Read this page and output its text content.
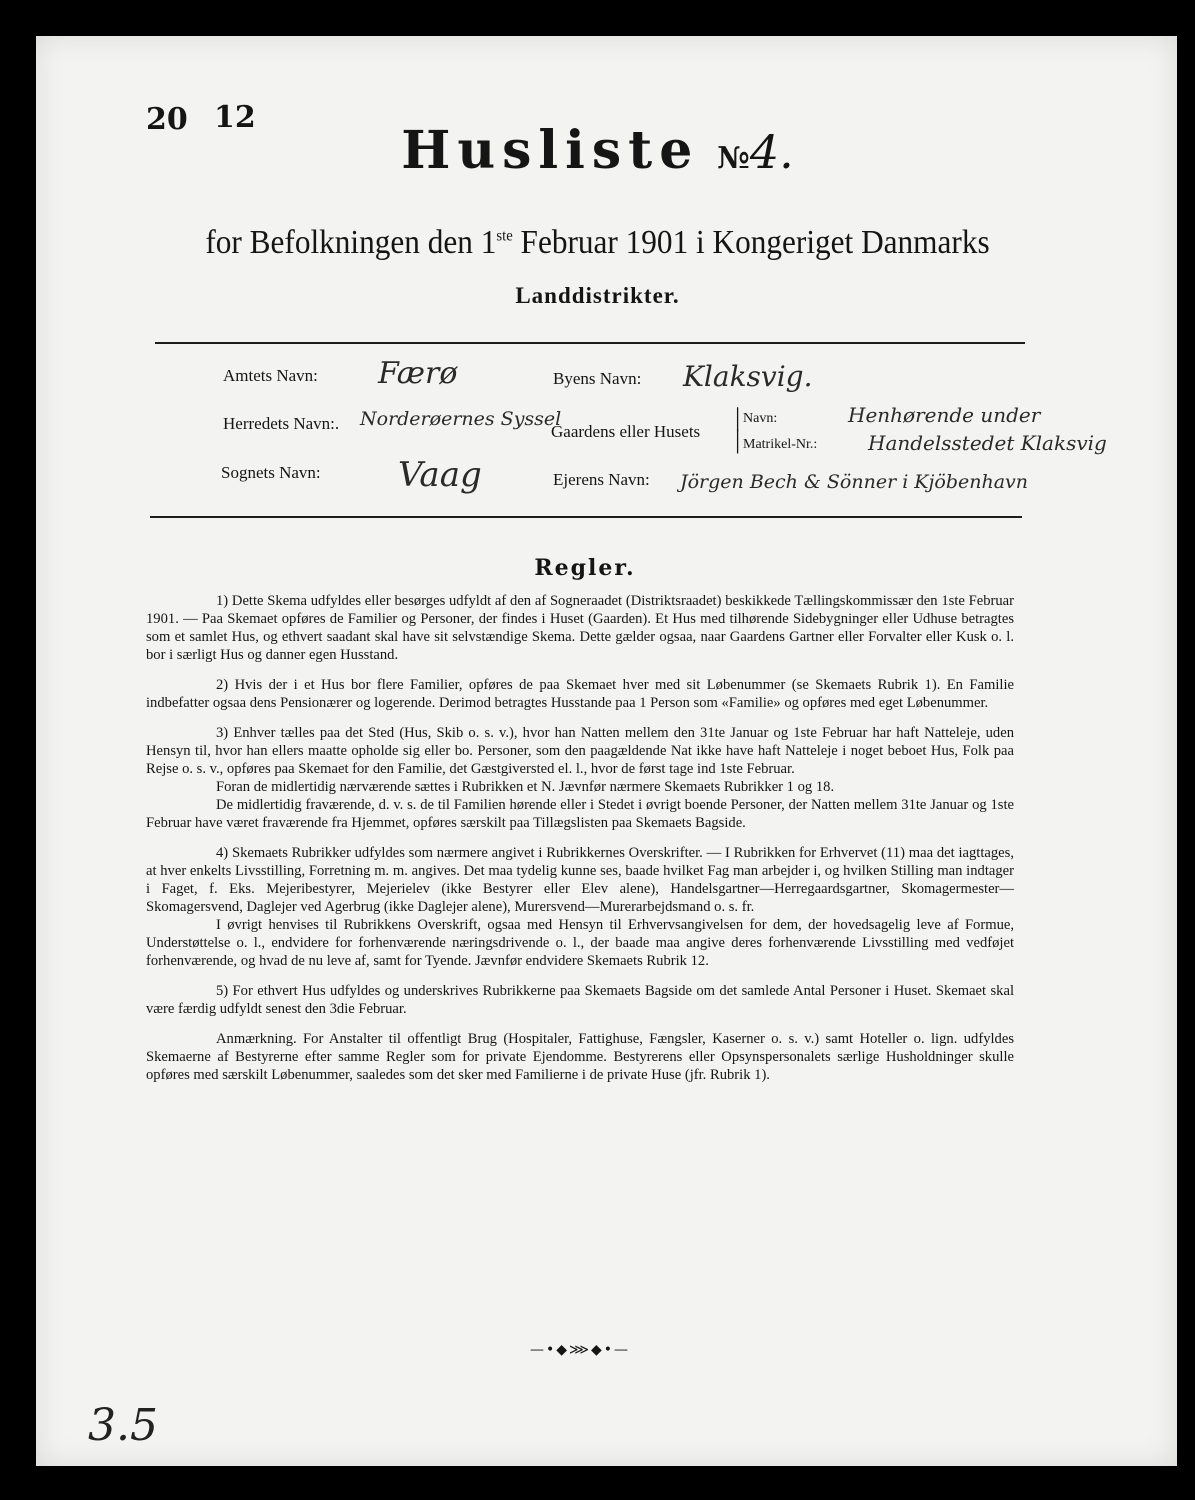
20 12
Husliste №4.
for Befolkningen den 1ste Februar 1901 i Kongeriget Danmarks
Landdistrikter.
Amtets Navn: Færø	Byens Navn: Klaksvig.
Herredets Navn:. Norderøernes Syssel
Gaardens eller Husets |
|
Navn:	Henhørende under
Matrikel-Nr.:	Handelsstedet Klaksvig
Sognets Navn: Vaag	Ejerens Navn: Jörgen Bech & Sönner i Kjöbenhavn
Regler.

1) Dette Skema udfyldes eller besørges udfyldt af den af Sogneraadet (Distriktsraadet) beskikkede Tællingskommissær den 1ste Februar 1901. — Paa Skemaet opføres de Familier og Personer, der findes i Huset (Gaarden). Et Hus med tilhørende Sidebygninger eller Udhuse betragtes som et samlet Hus, og ethvert saadant skal have sit selvstændige Skema. Dette gælder ogsaa, naar Gaardens Gartner eller Forvalter eller Kusk o. l. bor i særligt Hus og danner egen Husstand.

2) Hvis der i et Hus bor flere Familier, opføres de paa Skemaet hver med sit Løbenummer (se Skemaets Rubrik 1). En Familie indbefatter ogsaa dens Pensionærer og logerende. Derimod betragtes Husstande paa 1 Person som «Familie» og opføres med eget Løbenummer.

3) Enhver tælles paa det Sted (Hus, Skib o. s. v.), hvor han Natten mellem den 31te Januar og 1ste Februar har haft Natteleje, uden Hensyn til, hvor han ellers maatte opholde sig eller bo. Personer, som den paagældende Nat ikke have haft Natteleje i noget beboet Hus, Folk paa Rejse o. s. v., opføres paa Skemaet for den Familie, det Gæstgiversted el. l., hvor de først tage ind 1ste Februar.

Foran de midlertidig nærværende sættes i Rubrikken et N. Jævnfør nærmere Skemaets Rubrikker 1 og 18.

De midlertidig fraværende, d. v. s. de til Familien hørende eller i Stedet i øvrigt boende Personer, der Natten mellem 31te Januar og 1ste Februar have været fraværende fra Hjemmet, opføres særskilt paa Tillægslisten paa Skemaets Bagside.

4) Skemaets Rubrikker udfyldes som nærmere angivet i Rubrikkernes Overskrifter. — I Rubrikken for Erhvervet (11) maa det iagttages, at hver enkelts Livsstilling, Forretning m. m. angives. Det maa tydelig kunne ses, baade hvilket Fag man arbejder i, og hvilken Stilling man indtager i Faget, f. Eks. Mejeribestyrer, Mejerielev (ikke Bestyrer eller Elev alene), Handelsgartner—Herregaardsgartner, Skomagermester—Skomagersvend, Daglejer ved Agerbrug (ikke Daglejer alene), Murersvend—Murerarbejdsmand o. s. fr.

I øvrigt henvises til Rubrikkens Overskrift, ogsaa med Hensyn til Erhvervsangivelsen for dem, der hovedsagelig leve af Formue, Understøttelse o. l., endvidere for forhenværende næringsdrivende o. l., der baade maa angive deres forhenværende Livsstilling med vedføjet forhenværende, og hvad de nu leve af, samt for Tyende. Jævnfør endvidere Skemaets Rubrik 12.

5) For ethvert Hus udfyldes og underskrives Rubrikkerne paa Skemaets Bagside om det samlede Antal Personer i Huset. Skemaet skal være færdig udfyldt senest den 3die Februar.

Anmærkning. For Anstalter til offentligt Brug (Hospitaler, Fattighuse, Fængsler, Kaserner o. s. v.) samt Hoteller o. lign. udfyldes Skemaerne af Bestyrerne efter samme Regler som for private Ejendomme. Bestyrerens eller Opsynspersonalets særlige Husholdninger skulle opføres med særskilt Løbenummer, saaledes som det sker med Familierne i de private Huse (jfr. Rubrik 1).

—•◆⋙◆•—
3.5
